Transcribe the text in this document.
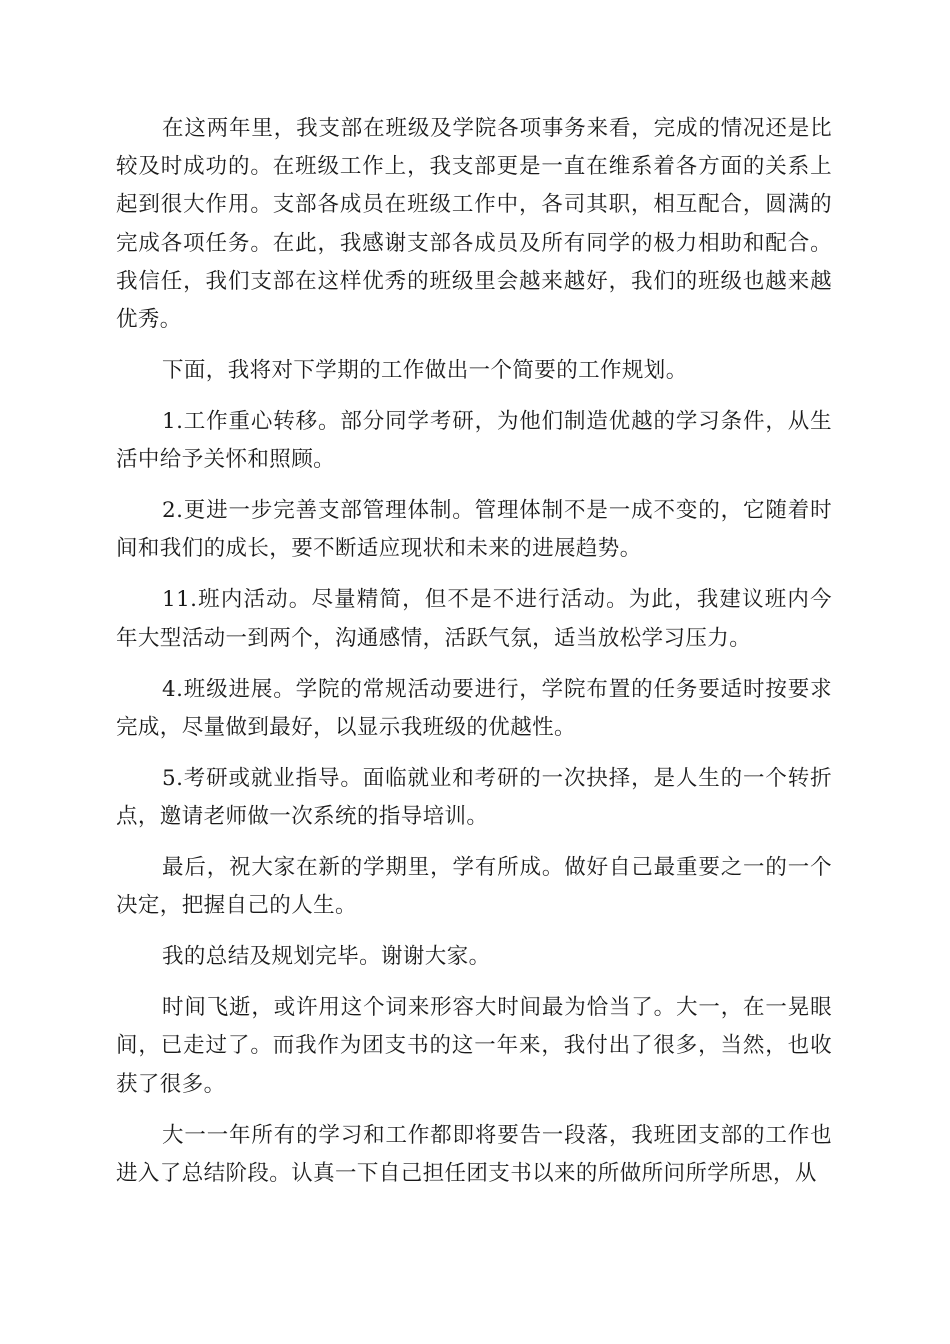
在这两年里，我支部在班级及学院各项事务来看，完成的情况还是比较及时成功的。在班级工作上，我支部更是一直在维系着各方面的关系上起到很大作用。支部各成员在班级工作中，各司其职，相互配合，圆满的完成各项任务。在此，我感谢支部各成员及所有同学的极力相助和配合。我信任，我们支部在这样优秀的班级里会越来越好，我们的班级也越来越优秀。

下面，我将对下学期的工作做出一个简要的工作规划。

1.工作重心转移。部分同学考研，为他们制造优越的学习条件，从生活中给予关怀和照顾。

2.更进一步完善支部管理体制。管理体制不是一成不变的，它随着时间和我们的成长，要不断适应现状和未来的进展趋势。

11.班内活动。尽量精简，但不是不进行活动。为此，我建议班内今年大型活动一到两个，沟通感情，活跃气氛，适当放松学习压力。

4.班级进展。学院的常规活动要进行，学院布置的任务要适时按要求完成，尽量做到最好，以显示我班级的优越性。

5.考研或就业指导。面临就业和考研的一次抉择，是人生的一个转折点，邀请老师做一次系统的指导培训。

最后，祝大家在新的学期里，学有所成。做好自己最重要之一的一个决定，把握自己的人生。

我的总结及规划完毕。谢谢大家。

时间飞逝，或许用这个词来形容大时间最为恰当了。大一，在一晃眼间，已走过了。而我作为团支书的这一年来，我付出了很多，当然，也收获了很多。

大一一年所有的学习和工作都即将要告一段落，我班团支部的工作也进入了总结阶段。认真一下自己担任团支书以来的所做所问所学所思，从
